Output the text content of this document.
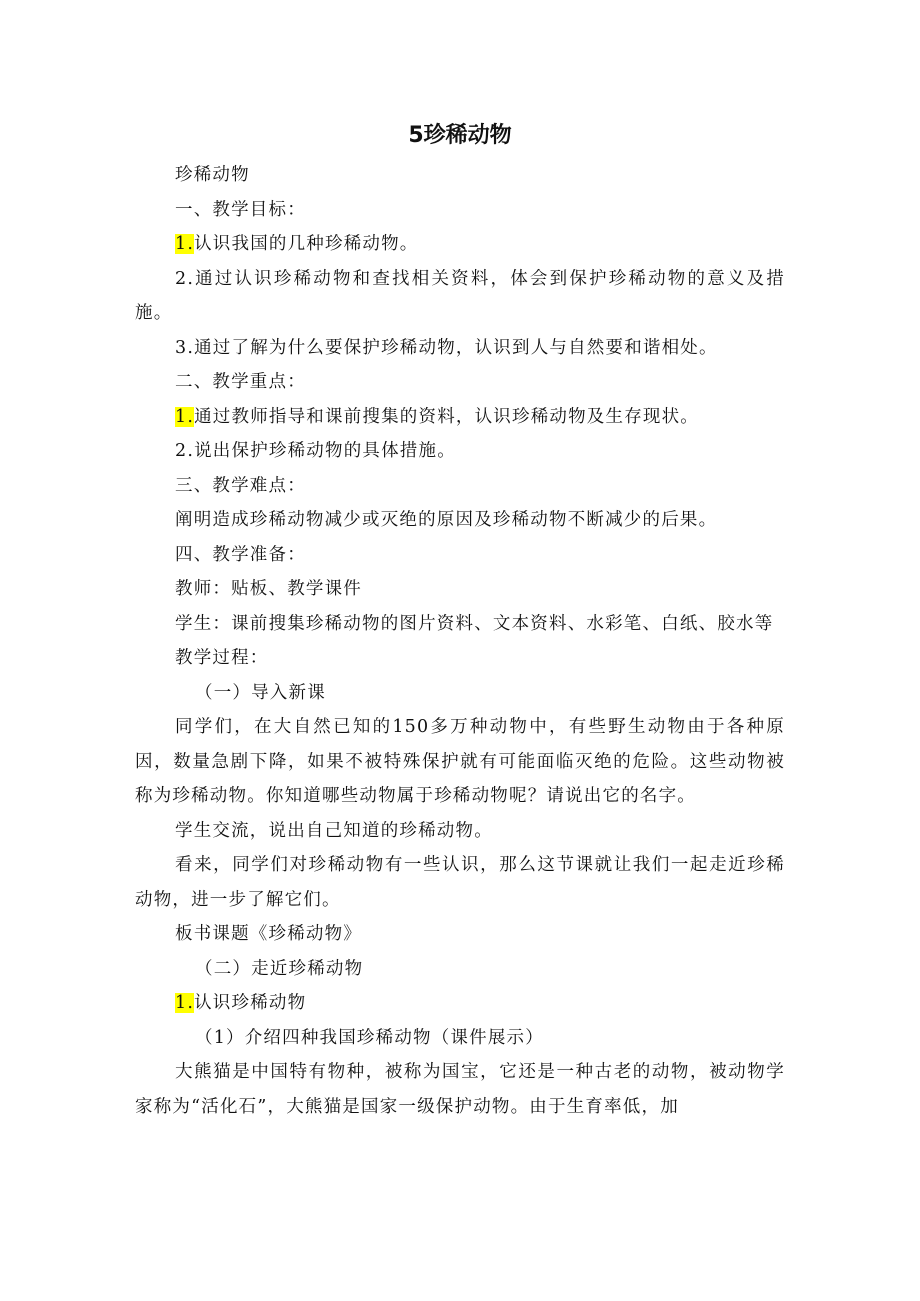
5珍稀动物

珍稀动物

一、教学目标：

1.认识我国的几种珍稀动物。

2.通过认识珍稀动物和查找相关资料，体会到保护珍稀动物的意义及措施。

3.通过了解为什么要保护珍稀动物，认识到人与自然要和谐相处。

二、教学重点：

1.通过教师指导和课前搜集的资料，认识珍稀动物及生存现状。

2.说出保护珍稀动物的具体措施。

三、教学难点：

阐明造成珍稀动物减少或灭绝的原因及珍稀动物不断减少的后果。

四、教学准备：

教师：贴板、教学课件

学生：课前搜集珍稀动物的图片资料、文本资料、水彩笔、白纸、胶水等

教学过程：

（一）导入新课

同学们，在大自然已知的150多万种动物中，有些野生动物由于各种原因，数量急剧下降，如果不被特殊保护就有可能面临灭绝的危险。这些动物被称为珍稀动物。你知道哪些动物属于珍稀动物呢？请说出它的名字。

学生交流，说出自己知道的珍稀动物。

看来，同学们对珍稀动物有一些认识，那么这节课就让我们一起走近珍稀动物，进一步了解它们。

板书课题《珍稀动物》

（二）走近珍稀动物

1.认识珍稀动物

（1）介绍四种我国珍稀动物（课件展示）

大熊猫是中国特有物种，被称为国宝，它还是一种古老的动物，被动物学家称为“活化石”，大熊猫是国家一级保护动物。由于生育率低，加
